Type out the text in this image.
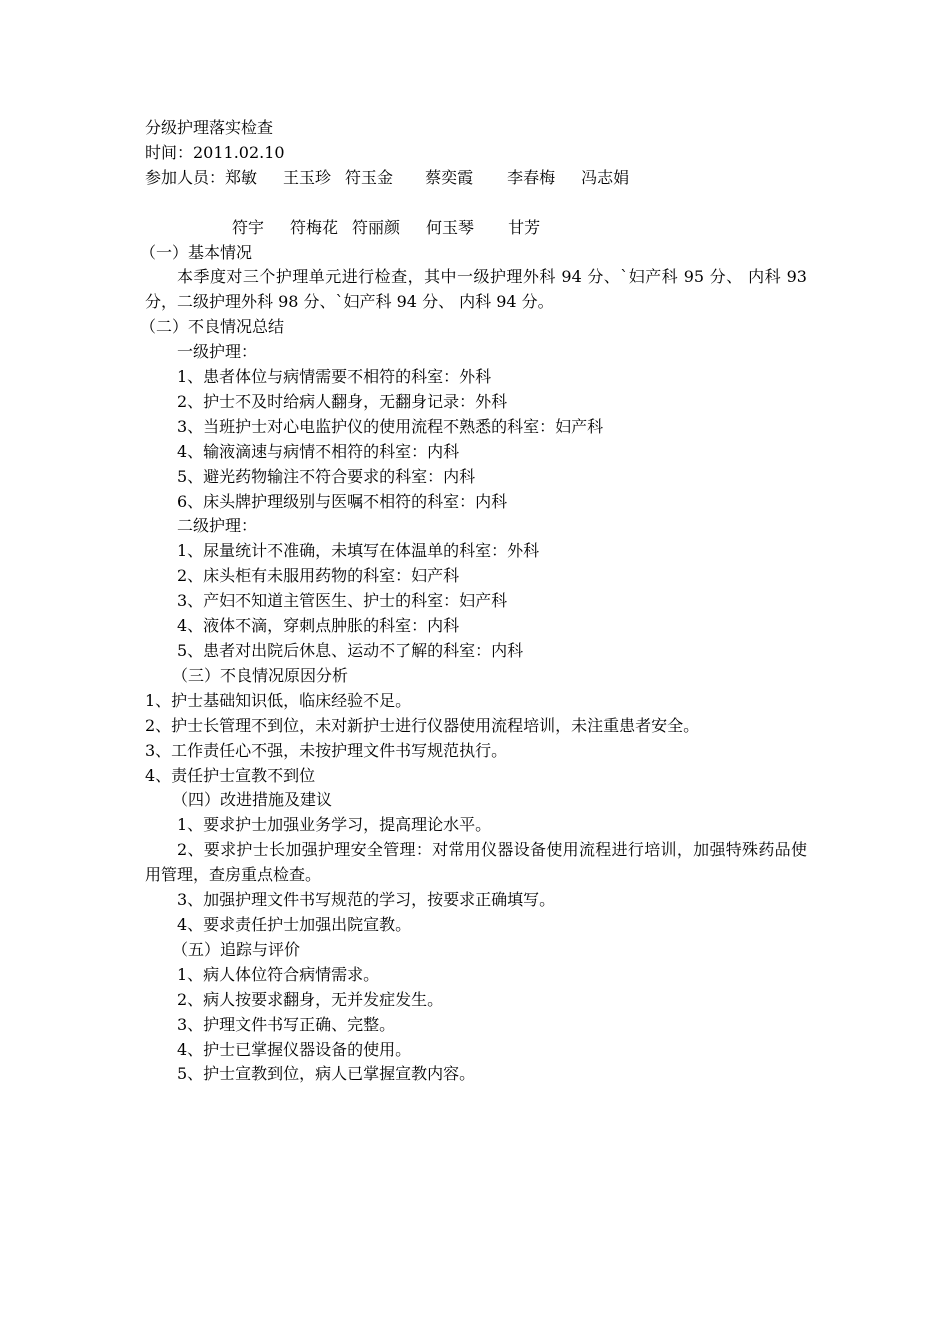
分级护理落实检查
时间：2011.02.10
参加人员：郑敏 王玉珍 符玉金 蔡奕霞 李春梅 冯志娟
符宇 符梅花 符丽颜 何玉琴 甘芳
（一）基本情况
本季度对三个护理单元进行检查，其中一级护理外科 94 分、`妇产科 95 分、 内科 93 分，二级护理外科 98 分、`妇产科 94 分、 内科 94 分。
（二）不良情况总结
一级护理：
1、患者体位与病情需要不相符的科室：外科
2、护士不及时给病人翻身，无翻身记录：外科
3、当班护士对心电监护仪的使用流程不熟悉的科室：妇产科
4、输液滴速与病情不相符的科室：内科
5、避光药物输注不符合要求的科室：内科
6、床头牌护理级别与医嘱不相符的科室：内科
二级护理：
1、尿量统计不准确，未填写在体温单的科室：外科
2、床头柜有未服用药物的科室：妇产科
3、产妇不知道主管医生、护士的科室：妇产科
4、液体不滴，穿刺点肿胀的科室：内科
5、患者对出院后休息、运动不了解的科室：内科
（三）不良情况原因分析
1、护士基础知识低，临床经验不足。
2、护士长管理不到位，未对新护士进行仪器使用流程培训，未注重患者安全。
3、工作责任心不强，未按护理文件书写规范执行。
4、责任护士宣教不到位
（四）改进措施及建议
1、要求护士加强业务学习，提高理论水平。
2、要求护士长加强护理安全管理：对常用仪器设备使用流程进行培训，加强特殊药品使用管理，查房重点检查。
3、加强护理文件书写规范的学习，按要求正确填写。
4、要求责任护士加强出院宣教。
（五）追踪与评价
1、病人体位符合病情需求。
2、病人按要求翻身，无并发症发生。
3、护理文件书写正确、完整。
4、护士已掌握仪器设备的使用。
5、护士宣教到位，病人已掌握宣教内容。
